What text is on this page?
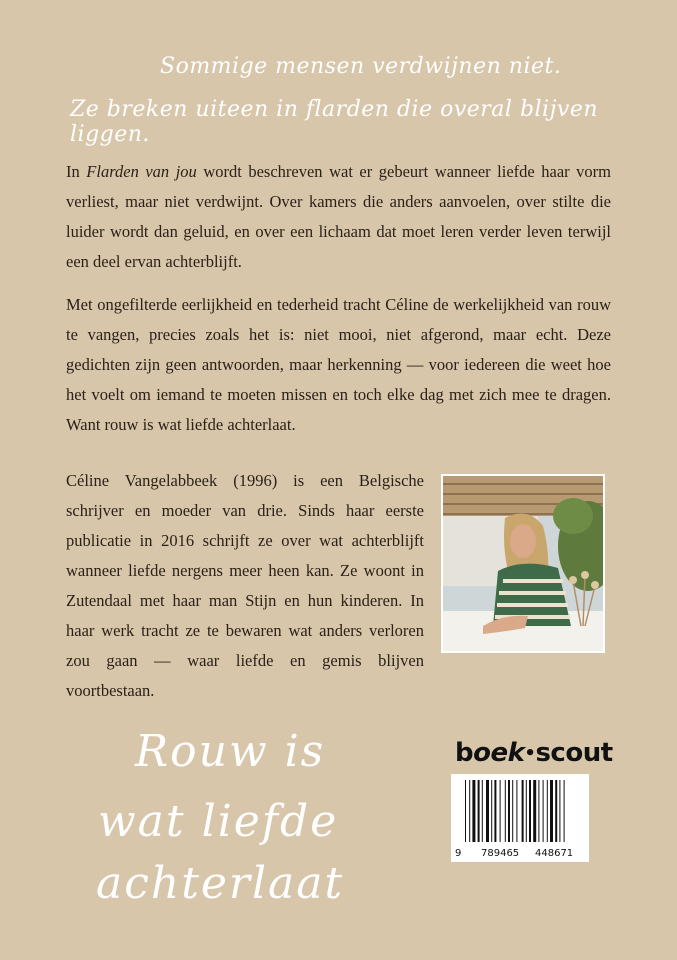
Sommige mensen verdwijnen niet.
Ze breken uiteen in flarden die overal blijven liggen.

In Flarden van jou wordt beschreven wat er gebeurt wanneer liefde haar vorm verliest, maar niet verdwijnt. Over kamers die anders aanvoelen, over stilte die luider wordt dan geluid, en over een lichaam dat moet leren verder leven terwijl een deel ervan achterblijft.

Met ongefilterde eerlijkheid en tederheid tracht Céline de werkelijkheid van rouw te vangen, precies zoals het is: niet mooi, niet afgerond, maar echt. Deze gedichten zijn geen antwoorden, maar herkenning — voor iedereen die weet hoe het voelt om iemand te moeten missen en toch elke dag met zich mee te dragen. Want rouw is wat liefde achterlaat.

Céline Vangelabbeek (1996) is een Belgische schrijver en moeder van drie. Sinds haar eerste publicatie in 2016 schrijft ze over wat achterblijft wanneer liefde nergens meer heen kan. Ze woont in Zutendaal met haar man Stijn en hun kinderen. In haar werk tracht ze te bewaren wat anders verloren zou gaan — waar liefde en gemis blijven voortbestaan.

Rouw is
wat liefde
achterlaat
boek•scout
9 789465 448671
